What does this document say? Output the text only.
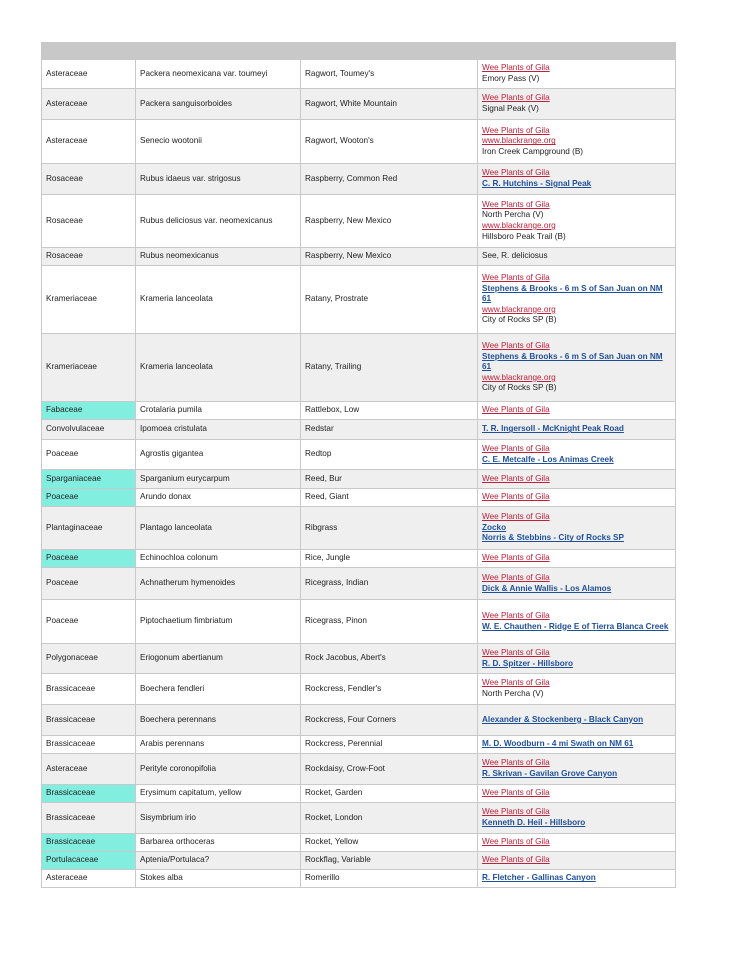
Asteraceae	Packera neomexicana var. toumeyi	Ragwort, Toumey's	Wee Plants of Gila
Emory Pass (V)

Asteraceae	Packera sanguisorboides	Ragwort, White Mountain	Wee Plants of Gila
Signal Peak (V)

Asteraceae	Senecio wootonii	Ragwort, Wooton's	Wee Plants of Gila
www.blackrange.org
Iron Creek Campground (B)

Rosaceae	Rubus idaeus var. strigosus	Raspberry, Common Red	Wee Plants of Gila
C. R. Hutchins - Signal Peak

Rosaceae	Rubus deliciosus var. neomexicanus	Raspberry, New Mexico	Wee Plants of Gila
North Percha (V)
www.blackrange.org
Hillsboro Peak Trail (B)

Rosaceae	Rubus neomexicanus	Raspberry, New Mexico	See, R. deliciosus

Krameriaceae	Krameria lanceolata	Ratany, Prostrate	Wee Plants of Gila
Stephens & Brooks - 6 m S of San Juan on NM 61
www.blackrange.org
City of Rocks SP (B)

Krameriaceae	Krameria lanceolata	Ratany, Trailing	Wee Plants of Gila
Stephens & Brooks - 6 m S of San Juan on NM 61
www.blackrange.org
City of Rocks SP (B)

Fabaceae	Crotalaria pumila	Rattlebox, Low	Wee Plants of Gila

Convolvulaceae	Ipomoea cristulata	Redstar	T. R. Ingersoll - McKnight Peak Road

Poaceae	Agrostis gigantea	Redtop	Wee Plants of Gila
C. E. Metcalfe - Los Animas Creek

Sparganiaceae	Sparganium eurycarpum	Reed, Bur	Wee Plants of Gila

Poaceae	Arundo donax	Reed, Giant	Wee Plants of Gila

Plantaginaceae	Plantago lanceolata	Ribgrass	Wee Plants of Gila
Zocko
Norris & Stebbins - City of Rocks SP

Poaceae	Echinochloa colonum	Rice, Jungle	Wee Plants of Gila

Poaceae	Achnatherum hymenoides	Ricegrass, Indian	Wee Plants of Gila
Dick & Annie Wallis - Los Alamos

Poaceae	Piptochaetium fimbriatum	Ricegrass, Pinon	Wee Plants of Gila
W. E. Chauthen - Ridge E of Tierra Blanca Creek

Polygonaceae	Eriogonum abertianum	Rock Jacobus, Abert's	Wee Plants of Gila
R. D. Spitzer - Hillsboro

Brassicaceae	Boechera fendleri	Rockcress, Fendler's	Wee Plants of Gila
North Percha (V)

Brassicaceae	Boechera perennans	Rockcress, Four Corners	Alexander & Stockenberg - Black Canyon

Brassicaceae	Arabis perennans	Rockcress, Perennial	M. D. Woodburn - 4 mi Swath on NM 61

Asteraceae	Perityle coronopifolia	Rockdaisy, Crow-Foot	Wee Plants of Gila
R. Skrivan - Gavilan Grove Canyon

Brassicaceae	Erysimum capitatum, yellow	Rocket, Garden	Wee Plants of Gila

Brassicaceae	Sisymbrium irio	Rocket, London	Wee Plants of Gila
Kenneth D. Heil - Hillsboro

Brassicaceae	Barbarea orthoceras	Rocket, Yellow	Wee Plants of Gila

Portulacaceae	Aptenia/Portulaca?	Rockflag, Variable	Wee Plants of Gila

Asteraceae	Stokes alba	Romerillo	R. Fletcher - Gallinas Canyon
